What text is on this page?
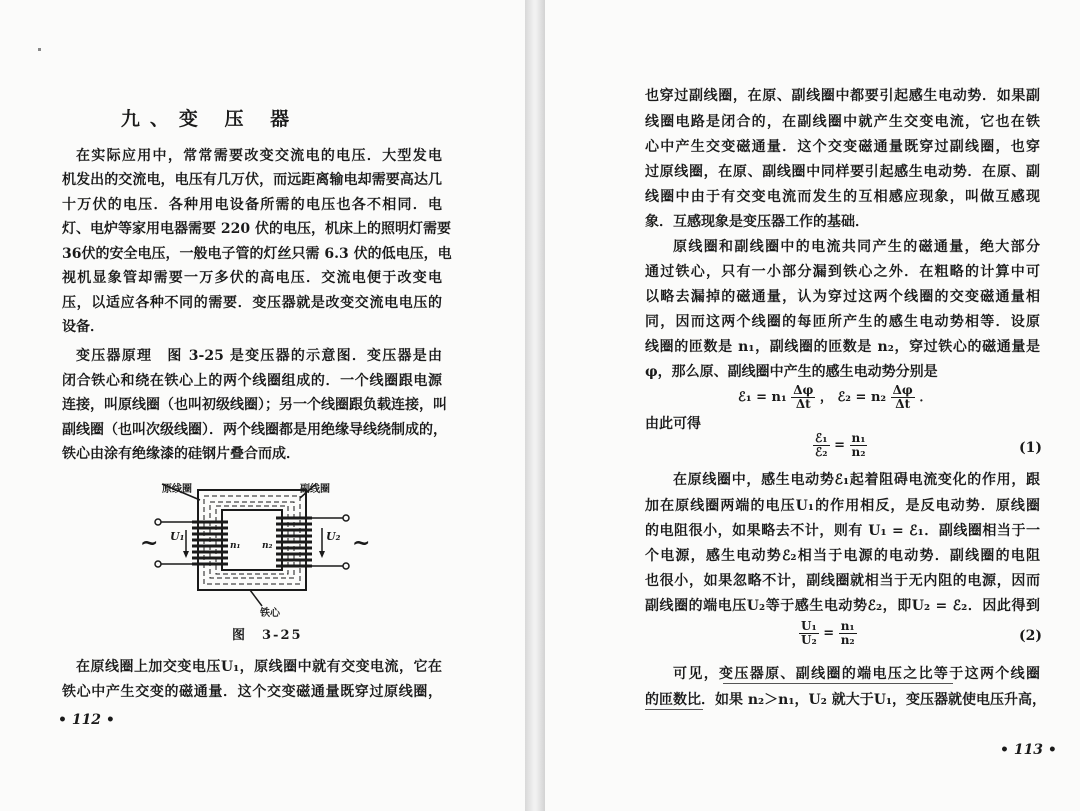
九、变 压 器
在实际应用中，常常需要改变交流电的电压．大型发电
机发出的交流电，电压有几万伏，而远距离输电却需要高达几
十万伏的电压．各种用电设备所需的电压也各不相同．电
灯、电炉等家用电器需要 220 伏的电压，机床上的照明灯需要
36伏的安全电压，一般电子管的灯丝只需 6.3 伏的低电压，电
视机显象管却需要一万多伏的高电压．交流电便于改变电
压，以适应各种不同的需要．变压器就是改变交流电电压的
设备．
变压器原理　图 3-25 是变压器的示意图．变压器是由
闭合铁心和绕在铁心上的两个线圈组成的．一个线圈跟电源
连接，叫原线圈（也叫初级线圈）；另一个线圈跟负载连接，叫
副线圈（也叫次级线圈）．两个线圈都是用绝缘导线绕制成的，
铁心由涂有绝缘漆的硅钢片叠合而成．
原线圈	副线圈
铁心
U₁	U₂
n₁ n₂
~	~
图　3-25
在原线圈上加交变电压U₁，原线圈中就有交变电流，它在
铁心中产生交变的磁通量．这个交变磁通量既穿过原线圈，
• 112 •
也穿过副线圈，在原、副线圈中都要引起感生电动势．如果副
线圈电路是闭合的，在副线圈中就产生交变电流，它也在铁
心中产生交变磁通量．这个交变磁通量既穿过副线圈，也穿
过原线圈，在原、副线圈中同样要引起感生电动势．在原、副
线圈中由于有交变电流而发生的互相感应现象，叫做互感现
象．互感现象是变压器工作的基础．
原线圈和副线圈中的电流共同产生的磁通量，绝大部分
通过铁心，只有一小部分漏到铁心之外．在粗略的计算中可
以略去漏掉的磁通量，认为穿过这两个线圈的交变磁通量相
同，因而这两个线圈的每匝所产生的感生电动势相等．设原
线圈的匝数是 n₁，副线圈的匝数是 n₂，穿过铁心的磁通量是
φ，那么原、副线圈中产生的感生电动势分别是
ℰ₁ = $n_1 \frac{\Delta\varphi}{\Delta t}$ ， ℰ₂ = $n_2 \frac{\Delta\varphi}{\Delta t}$ ．
由此可得
$\frac{\text{ℰ₁}}{\text{ℰ₂}} = \frac{\text{n₁}}{\text{n₂}}$	(1)
在原线圈中，感生电动势ℰ₁起着阻碍电流变化的作用，跟
加在原线圈两端的电压U₁的作用相反，是反电动势．原线圈
的电阻很小，如果略去不计，则有 U₁ = ℰ₁．副线圈相当于一
个电源，感生电动势ℰ₂相当于电源的电动势．副线圈的电阻
也很小，如果忽略不计，副线圈就相当于无内阻的电源，因而
副线圈的端电压U₂等于感生电动势ℰ₂，即U₂ = ℰ₂．因此得到
$\frac{\text{U₁}}{\text{U₂}} = \frac{\text{n₁}}{\text{n₂}}$	(2)
可见，变压器原、副线圈的端电压之比等于这两个线圈
的匝数比．如果 n₂＞n₁，U₂ 就大于U₁，变压器就使电压升高，
• 113 •
